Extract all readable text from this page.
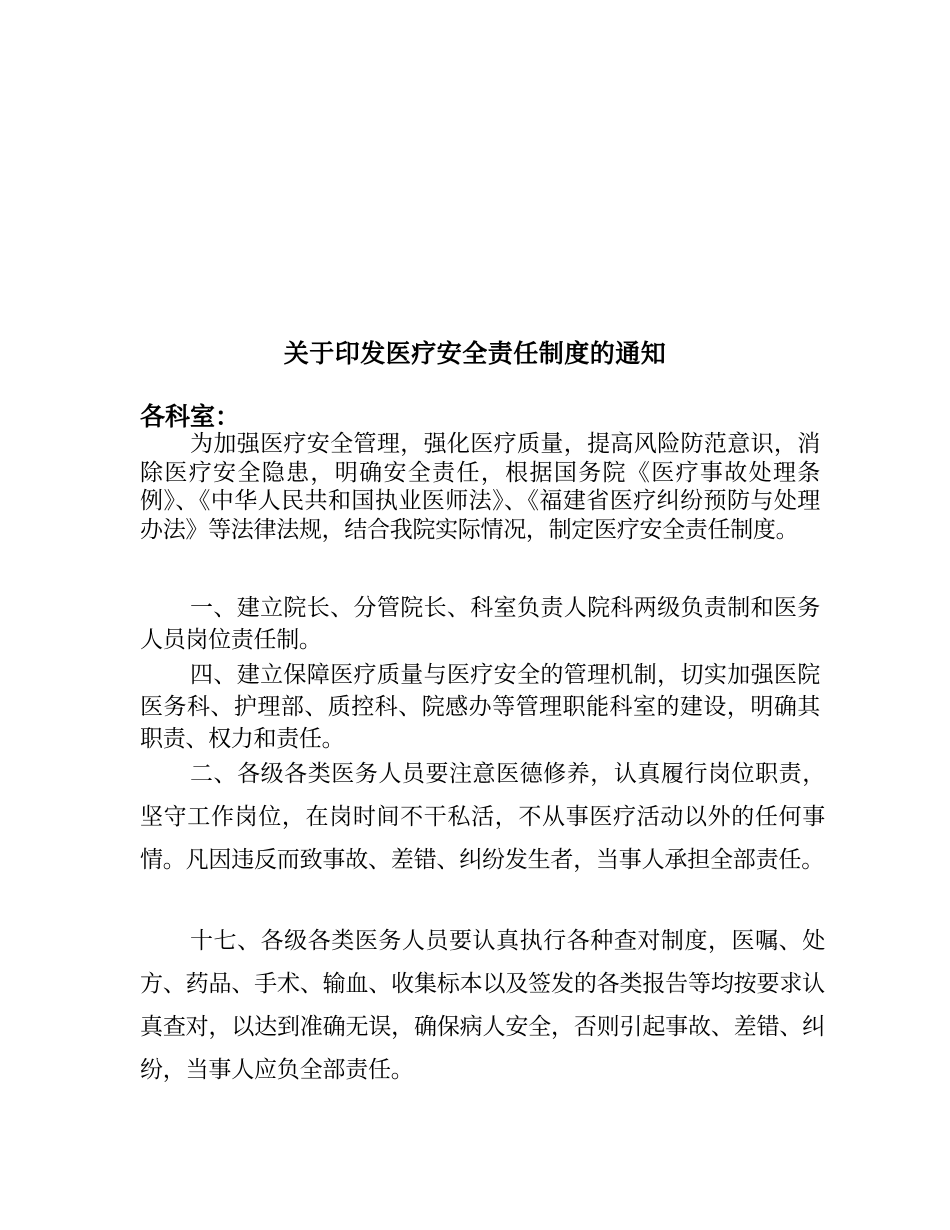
关于印发医疗安全责任制度的通知
各科室：

为加强医疗安全管理，强化医疗质量，提高风险防范意识，消除医疗安全隐患，明确安全责任，根据国务院《医疗事故处理条例》、《中华人民共和国执业医师法》、《福建省医疗纠纷预防与处理办法》等法律法规，结合我院实际情况，制定医疗安全责任制度。

一、建立院长、分管院长、科室负责人院科两级负责制和医务人员岗位责任制。

四、建立保障医疗质量与医疗安全的管理机制，切实加强医院医务科、护理部、质控科、院感办等管理职能科室的建设，明确其职责、权力和责任。

二、各级各类医务人员要注意医德修养，认真履行岗位职责，坚守工作岗位，在岗时间不干私活，不从事医疗活动以外的任何事情。凡因违反而致事故、差错、纠纷发生者，当事人承担全部责任。

十七、各级各类医务人员要认真执行各种查对制度，医嘱、处方、药品、手术、输血、收集标本以及签发的各类报告等均按要求认真查对，以达到准确无误，确保病人安全，否则引起事故、差错、纠纷，当事人应负全部责任。
